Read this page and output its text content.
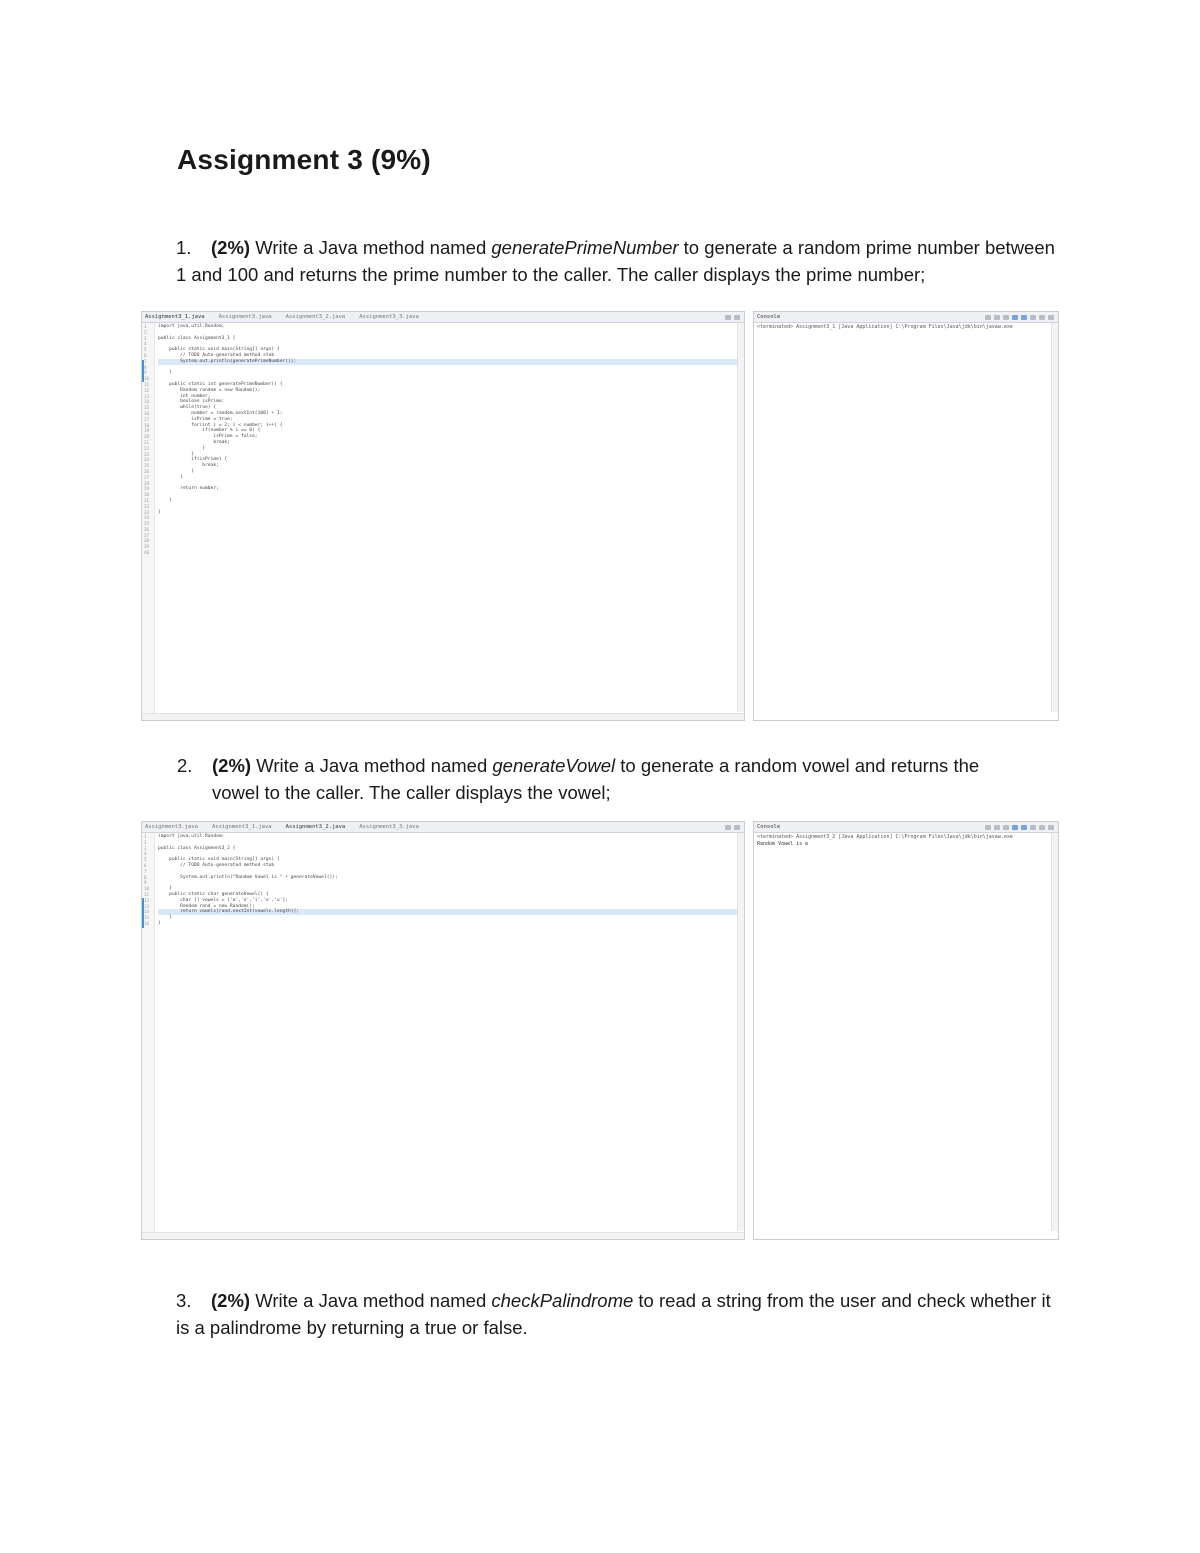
Assignment 3 (9%)
1. (2%) Write a Java method named generatePrimeNumber to generate a random prime number between 1 and 100 and returns the prime number to the caller. The caller displays the prime number;
Assignment3_1.java	Assignment3.java	Assignment3_2.java	Assignment3_3.java
1
2
3
4
5
6
7
8
9
10
11
12
13
14
15
16
17
18
19
20
21
22
23
24
25
26
27
28
29
30
31
32
33
34
35
36
37
38
39
40
import java.util.Random;

public class Assignment3_1 {

public static void main(String[] args) {
// TODO Auto-generated method stub
System.out.println(generatePrimeNumber());

}

public static int generatePrimeNumber() {
Random random = new Random();
int number;
boolean isPrime;
while(true) {
number = random.nextInt(100) + 1;
isPrime = true;
for(int i = 2; i < number; i++) {
if(number % i == 0) {
isPrime = false;
break;
}
}
if(isPrime) {
break;
}
}

return number;

}

}
Console
<terminated> Assignment3_1 [Java Application] C:\Program Files\Java\jdk\bin\javaw.exe
2. (2%) Write a Java method named generateVowel to generate a random vowel and returns the
vowel to the caller. The caller displays the vowel;
Assignment3.java	Assignment3_1.java	Assignment3_2.java	Assignment3_3.java
1
2
3
4
5
6
7
8
9
10
11
12
13
14
15
16
import java.util.Random;

public class Assignment3_2 {

public static void main(String[] args) {
// TODO Auto-generated method stub

System.out.println("Random Vowel is " + generateVowel());

}
public static char generateVowel() {
char [] vowels = {'a','e','i','o','u'};
Random rand = new Random();
return vowels[rand.nextInt(vowels.length)];
}
}
Console
<terminated> Assignment3_2 [Java Application] C:\Program Files\Java\jdk\bin\javaw.exe
Random Vowel is e
3. (2%) Write a Java method named checkPalindrome to read a string from the user and check whether it is a palindrome by returning a true or false.
